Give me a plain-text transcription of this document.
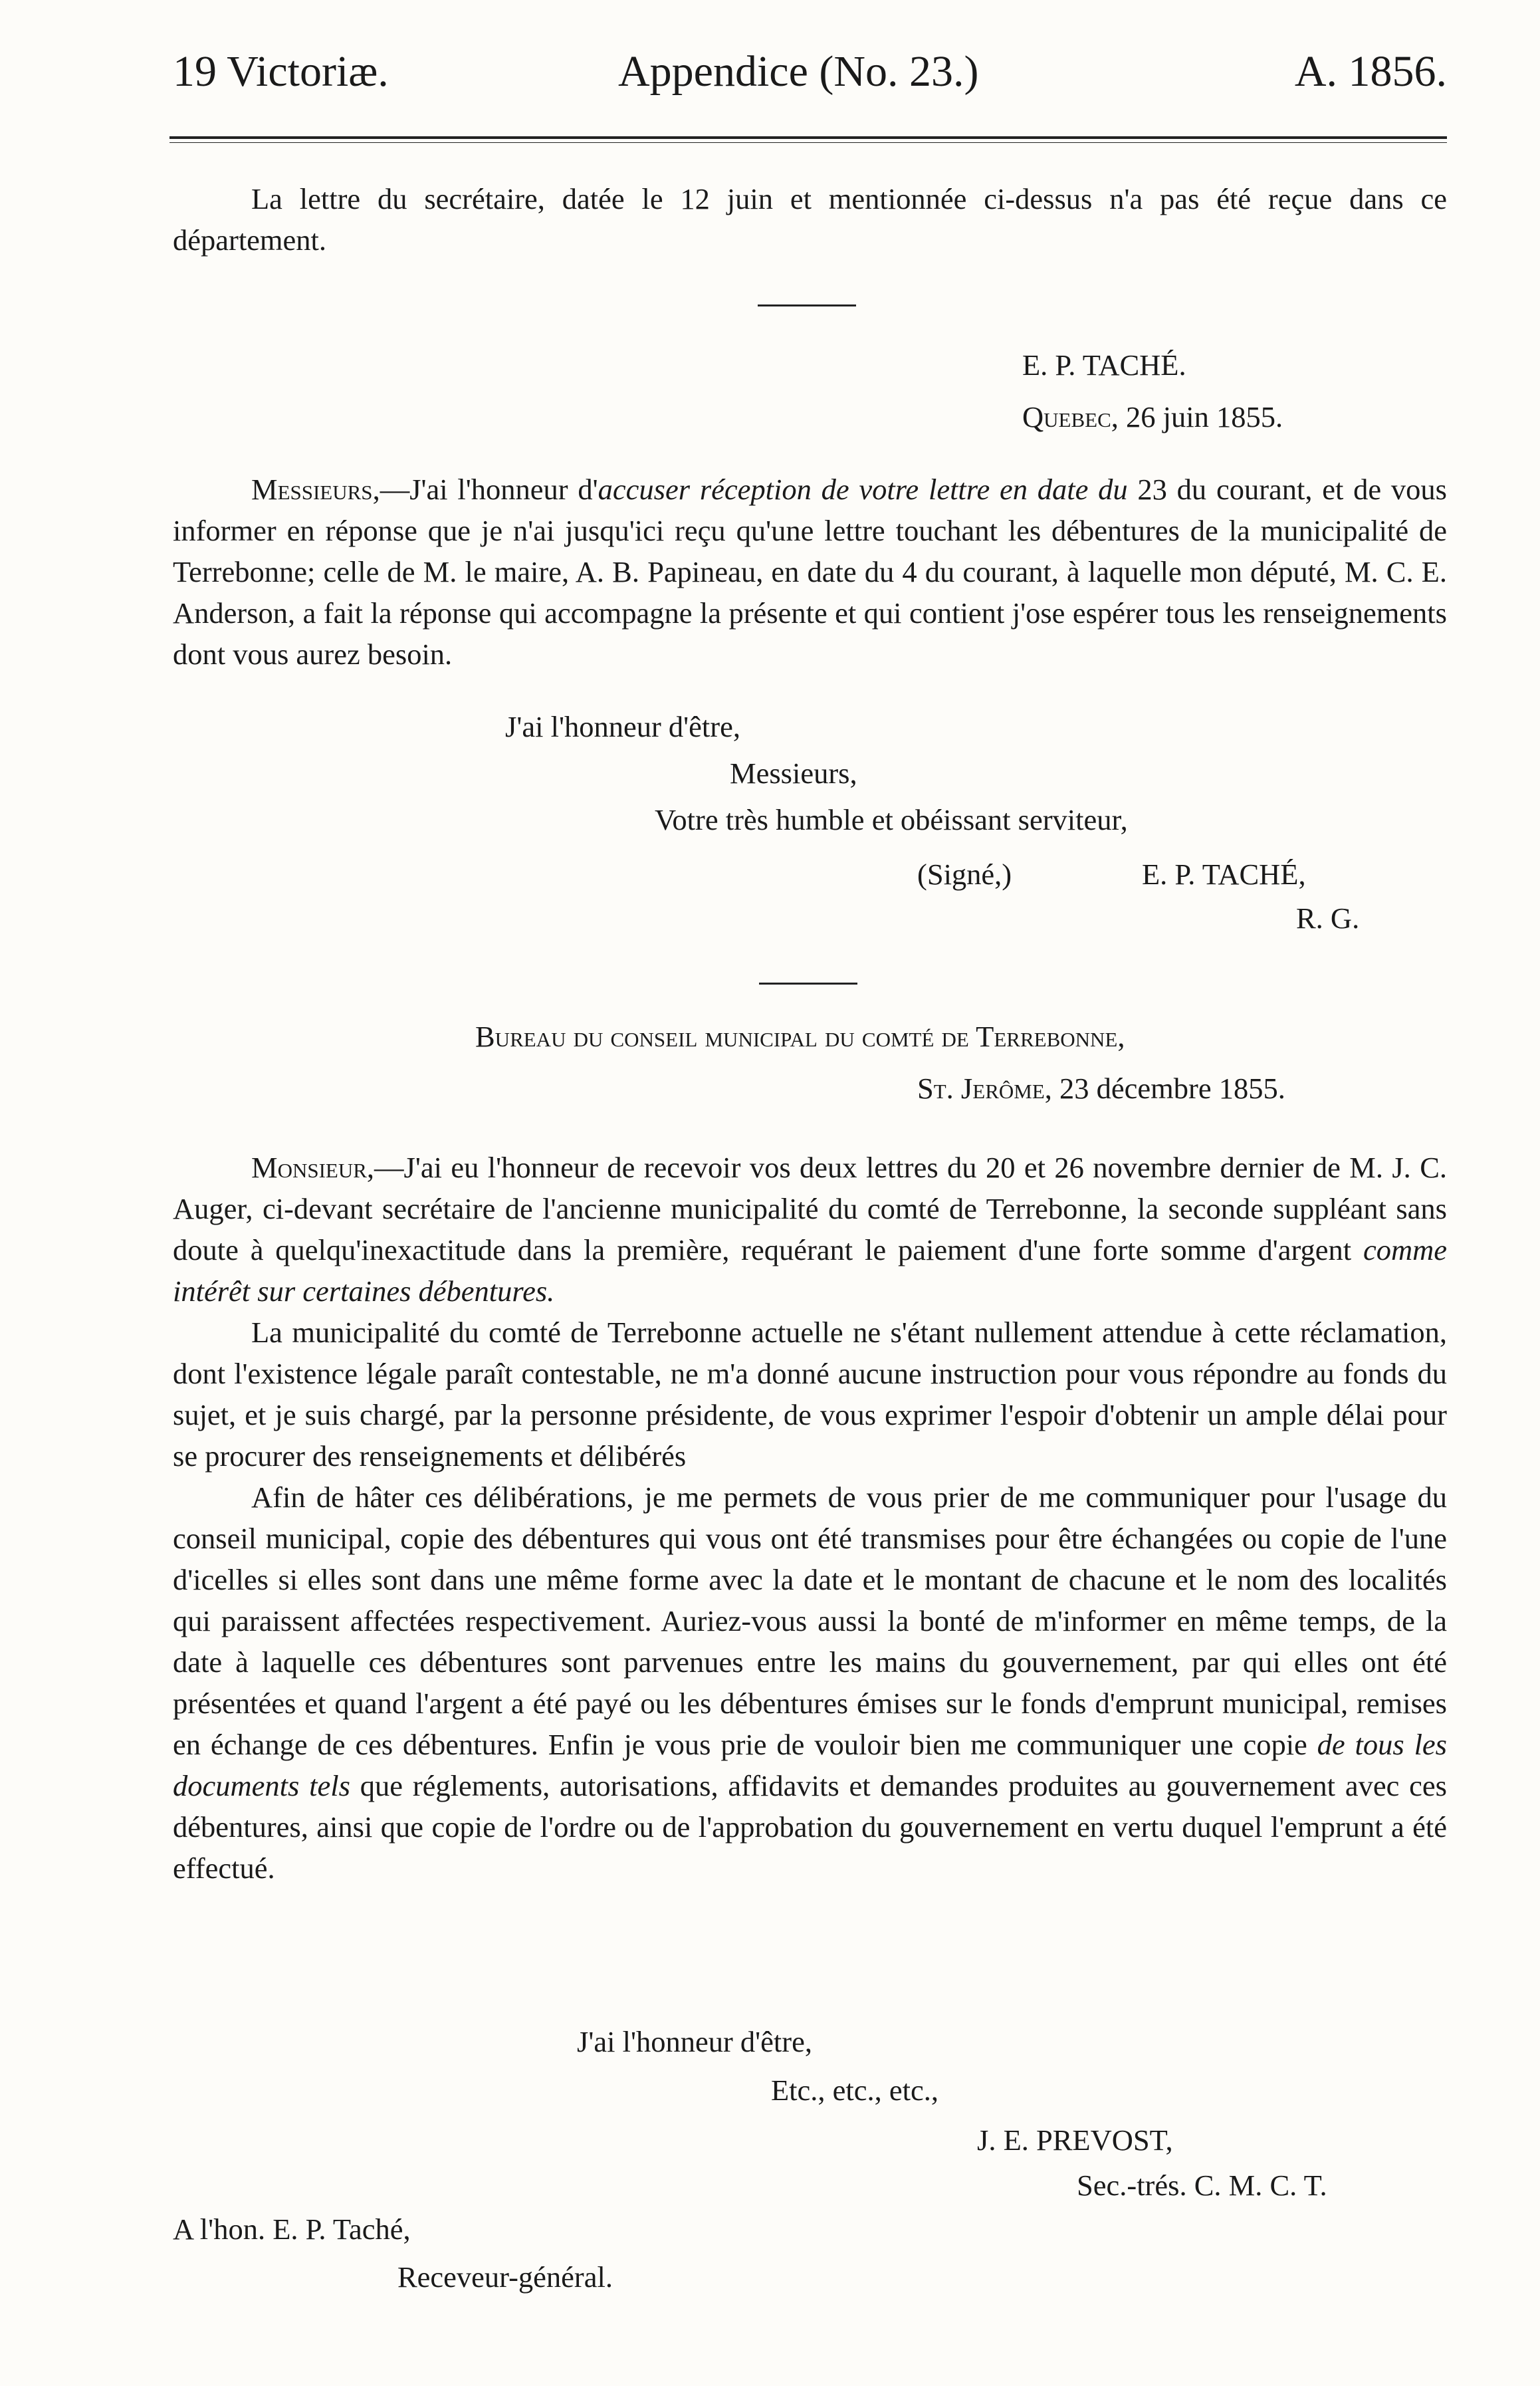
19 Victoriæ.	Appendice (No. 23.)	A. 1856.

La lettre du secrétaire, datée le 12 juin et mentionnée ci-dessus n'a pas été reçue dans ce département.

E. P. TACHÉ.
Quebec, 26 juin 1855.

Messieurs,—J'ai l'honneur d'accuser réception de votre lettre en date du 23 du courant, et de vous informer en réponse que je n'ai jusqu'ici reçu qu'une lettre touchant les débentures de la municipalité de Terrebonne; celle de M. le maire, A. B. Papineau, en date du 4 du courant, à laquelle mon député, M. C. E. Anderson, a fait la réponse qui accompagne la présente et qui contient j'ose espérer tous les renseignements dont vous aurez besoin.

J'ai l'honneur d'être,
Messieurs,
Votre très humble et obéissant serviteur,
(Signé,)	E. P. TACHÉ,
R. G.
Bureau du conseil municipal du comté de Terrebonne,
St. Jerôme, 23 décembre 1855.

Monsieur,—J'ai eu l'honneur de recevoir vos deux lettres du 20 et 26 novembre dernier de M. J. C. Auger, ci-devant secrétaire de l'ancienne municipalité du comté de Terrebonne, la seconde suppléant sans doute à quelqu'inexactitude dans la première, requérant le paiement d'une forte somme d'argent comme intérêt sur certaines débentures.

La municipalité du comté de Terrebonne actuelle ne s'étant nullement attendue à cette réclamation, dont l'existence légale paraît contestable, ne m'a donné aucune instruction pour vous répondre au fonds du sujet, et je suis chargé, par la personne présidente, de vous exprimer l'espoir d'obtenir un ample délai pour se procurer des renseignements et délibérés

Afin de hâter ces délibérations, je me permets de vous prier de me communiquer pour l'usage du conseil municipal, copie des débentures qui vous ont été transmises pour être échangées ou copie de l'une d'icelles si elles sont dans une même forme avec la date et le montant de chacune et le nom des localités qui paraissent affectées respectivement. Auriez-vous aussi la bonté de m'informer en même temps, de la date à laquelle ces débentures sont parvenues entre les mains du gouvernement, par qui elles ont été présentées et quand l'argent a été payé ou les débentures émises sur le fonds d'emprunt municipal, remises en échange de ces débentures. Enfin je vous prie de vouloir bien me communiquer une copie de tous les documents tels que réglements, autorisations, affidavits et demandes produites au gouvernement avec ces débentures, ainsi que copie de l'ordre ou de l'approbation du gouvernement en vertu duquel l'emprunt a été effectué.

J'ai l'honneur d'être,
Etc., etc., etc.,
J. E. PREVOST,
Sec.-trés. C. M. C. T.
A l'hon. E. P. Taché,
Receveur-général.
